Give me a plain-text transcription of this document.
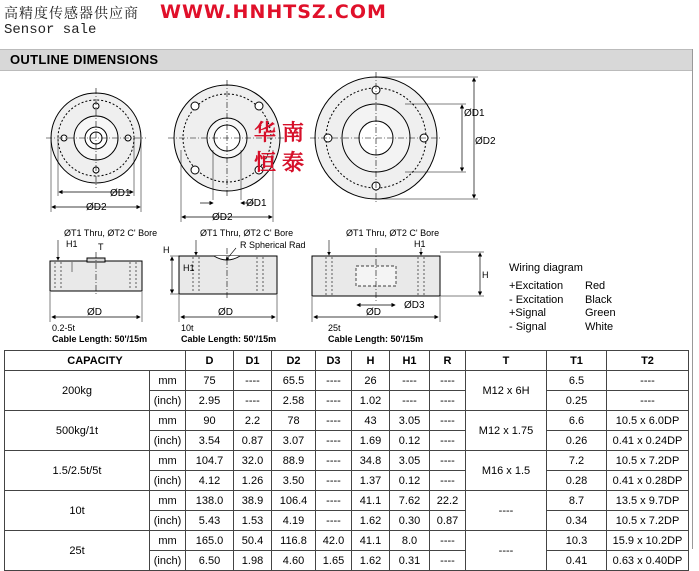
高精度传感器供应商 WWW.HNHTSZ.COM
Sensor sale
OUTLINE DIMENSIONS
ØD1
ØD2	ØD1
ØD2
ØD1
ØD2
ØT1 Thru, ØT2 C' Bore
H1 T
ØD
0.2-5t
Cable Length: 50'/15m
ØT1 Thru, ØT2 C' Bore
R Spherical Rad
H
H1
ØD
10t
Cable Length: 50'/15m
ØT1 Thru, ØT2 C' Bore
H
H1
ØD3
ØD
25t
Cable Length: 50'/15m
华 南
恒 泰
Wiring diagram
+Excitation	Red
- Excitation	Black
+Signal	Green
- Signal	White
CAPACITY		D	D1	D2	D3	H	H1	R	T	T1	T2
200kg	mm	75	----	65.5	----	26	----	----	M12 x 6H	6.5	----
	(inch)	2.95	----	2.58	----	1.02	----	----		0.25	----
500kg/1t	mm	90	2.2	78	----	43	3.05	----	M12 x 1.75	6.6	10.5 x 6.0DP
	(inch)	3.54	0.87	3.07	----	1.69	0.12	----		0.26	0.41 x 0.24DP
1.5/2.5t/5t	mm	104.7	32.0	88.9	----	34.8	3.05	----	M16 x 1.5	7.2	10.5 x 7.2DP
	(inch)	4.12	1.26	3.50	----	1.37	0.12	----		0.28	0.41 x 0.28DP
10t	mm	138.0	38.9	106.4	----	41.1	7.62	22.2	----	8.7	13.5 x 9.7DP
	(inch)	5.43	1.53	4.19	----	1.62	0.30	0.87		0.34	10.5 x 7.2DP
25t	mm	165.0	50.4	116.8	42.0	41.1	8.0	----	----	10.3	15.9 x 10.2DP
	(inch)	6.50	1.98	4.60	1.65	1.62	0.31	----		0.41	0.63 x 0.40DP
